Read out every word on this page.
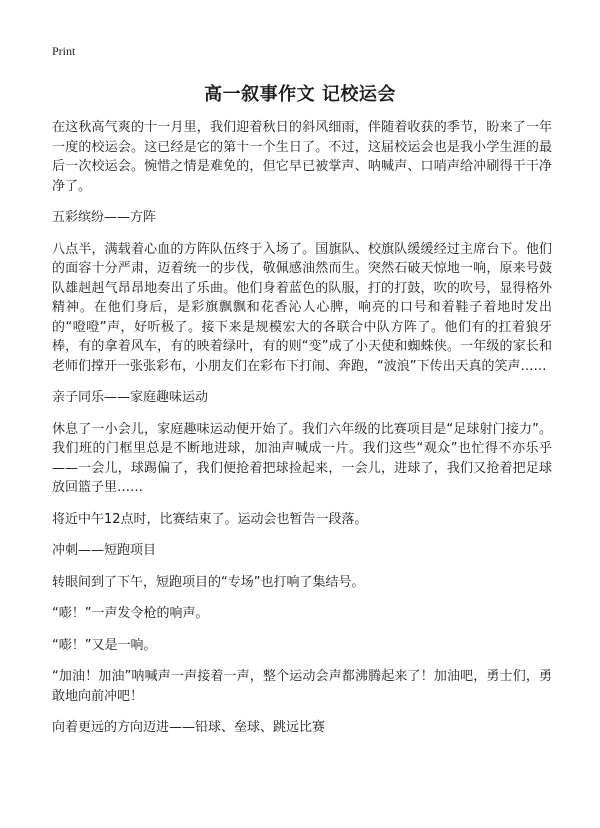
Print
高一叙事作文 记校运会

在这秋高气爽的十一月里，我们迎着秋日的斜风细雨，伴随着收获的季节，盼来了一年一度的校运会。这已经是它的第十一个生日了。不过，这届校运会也是我小学生涯的最后一次校运会。惋惜之情是难免的，但它早已被掌声、呐喊声、口哨声给冲刷得干干净净了。

五彩缤纷——方阵

八点半，满载着心血的方阵队伍终于入场了。国旗队、校旗队缓缓经过主席台下。他们的面容十分严肃，迈着统一的步伐，敬佩感油然而生。突然石破天惊地一响，原来号鼓队雄赳赳气昂昂地奏出了乐曲。他们身着蓝色的队服，打的打鼓，吹的吹号，显得格外精神。在他们身后，是彩旗飘飘和花香沁人心脾，响亮的口号和着鞋子着地时发出的“噔噔”声，好听极了。接下来是规模宏大的各联合中队方阵了。他们有的扛着狼牙棒，有的拿着风车，有的映着绿叶，有的则“变”成了小天使和蜘蛛侠。一年级的家长和老师们撑开一张张彩布，小朋友们在彩布下打闹、奔跑，“波浪”下传出天真的笑声……

亲子同乐——家庭趣味运动

休息了一小会儿，家庭趣味运动便开始了。我们六年级的比赛项目是“足球射门接力”。我们班的门框里总是不断地进球，加油声喊成一片。我们这些“观众”也忙得不亦乐乎——一会儿，球踢偏了，我们便抢着把球捡起来，一会儿，进球了，我们又抢着把足球放回篮子里……

将近中午12点时，比赛结束了。运动会也暂告一段落。

冲刺——短跑项目

转眼间到了下午，短跑项目的“专场”也打响了集结号。

“嘭！”一声发令枪的响声。

“嘭！”又是一响。

“加油！加油”呐喊声一声接着一声，整个运动会声都沸腾起来了！加油吧，勇士们，勇敢地向前冲吧！

向着更远的方向迈进——铅球、垒球、跳远比赛
